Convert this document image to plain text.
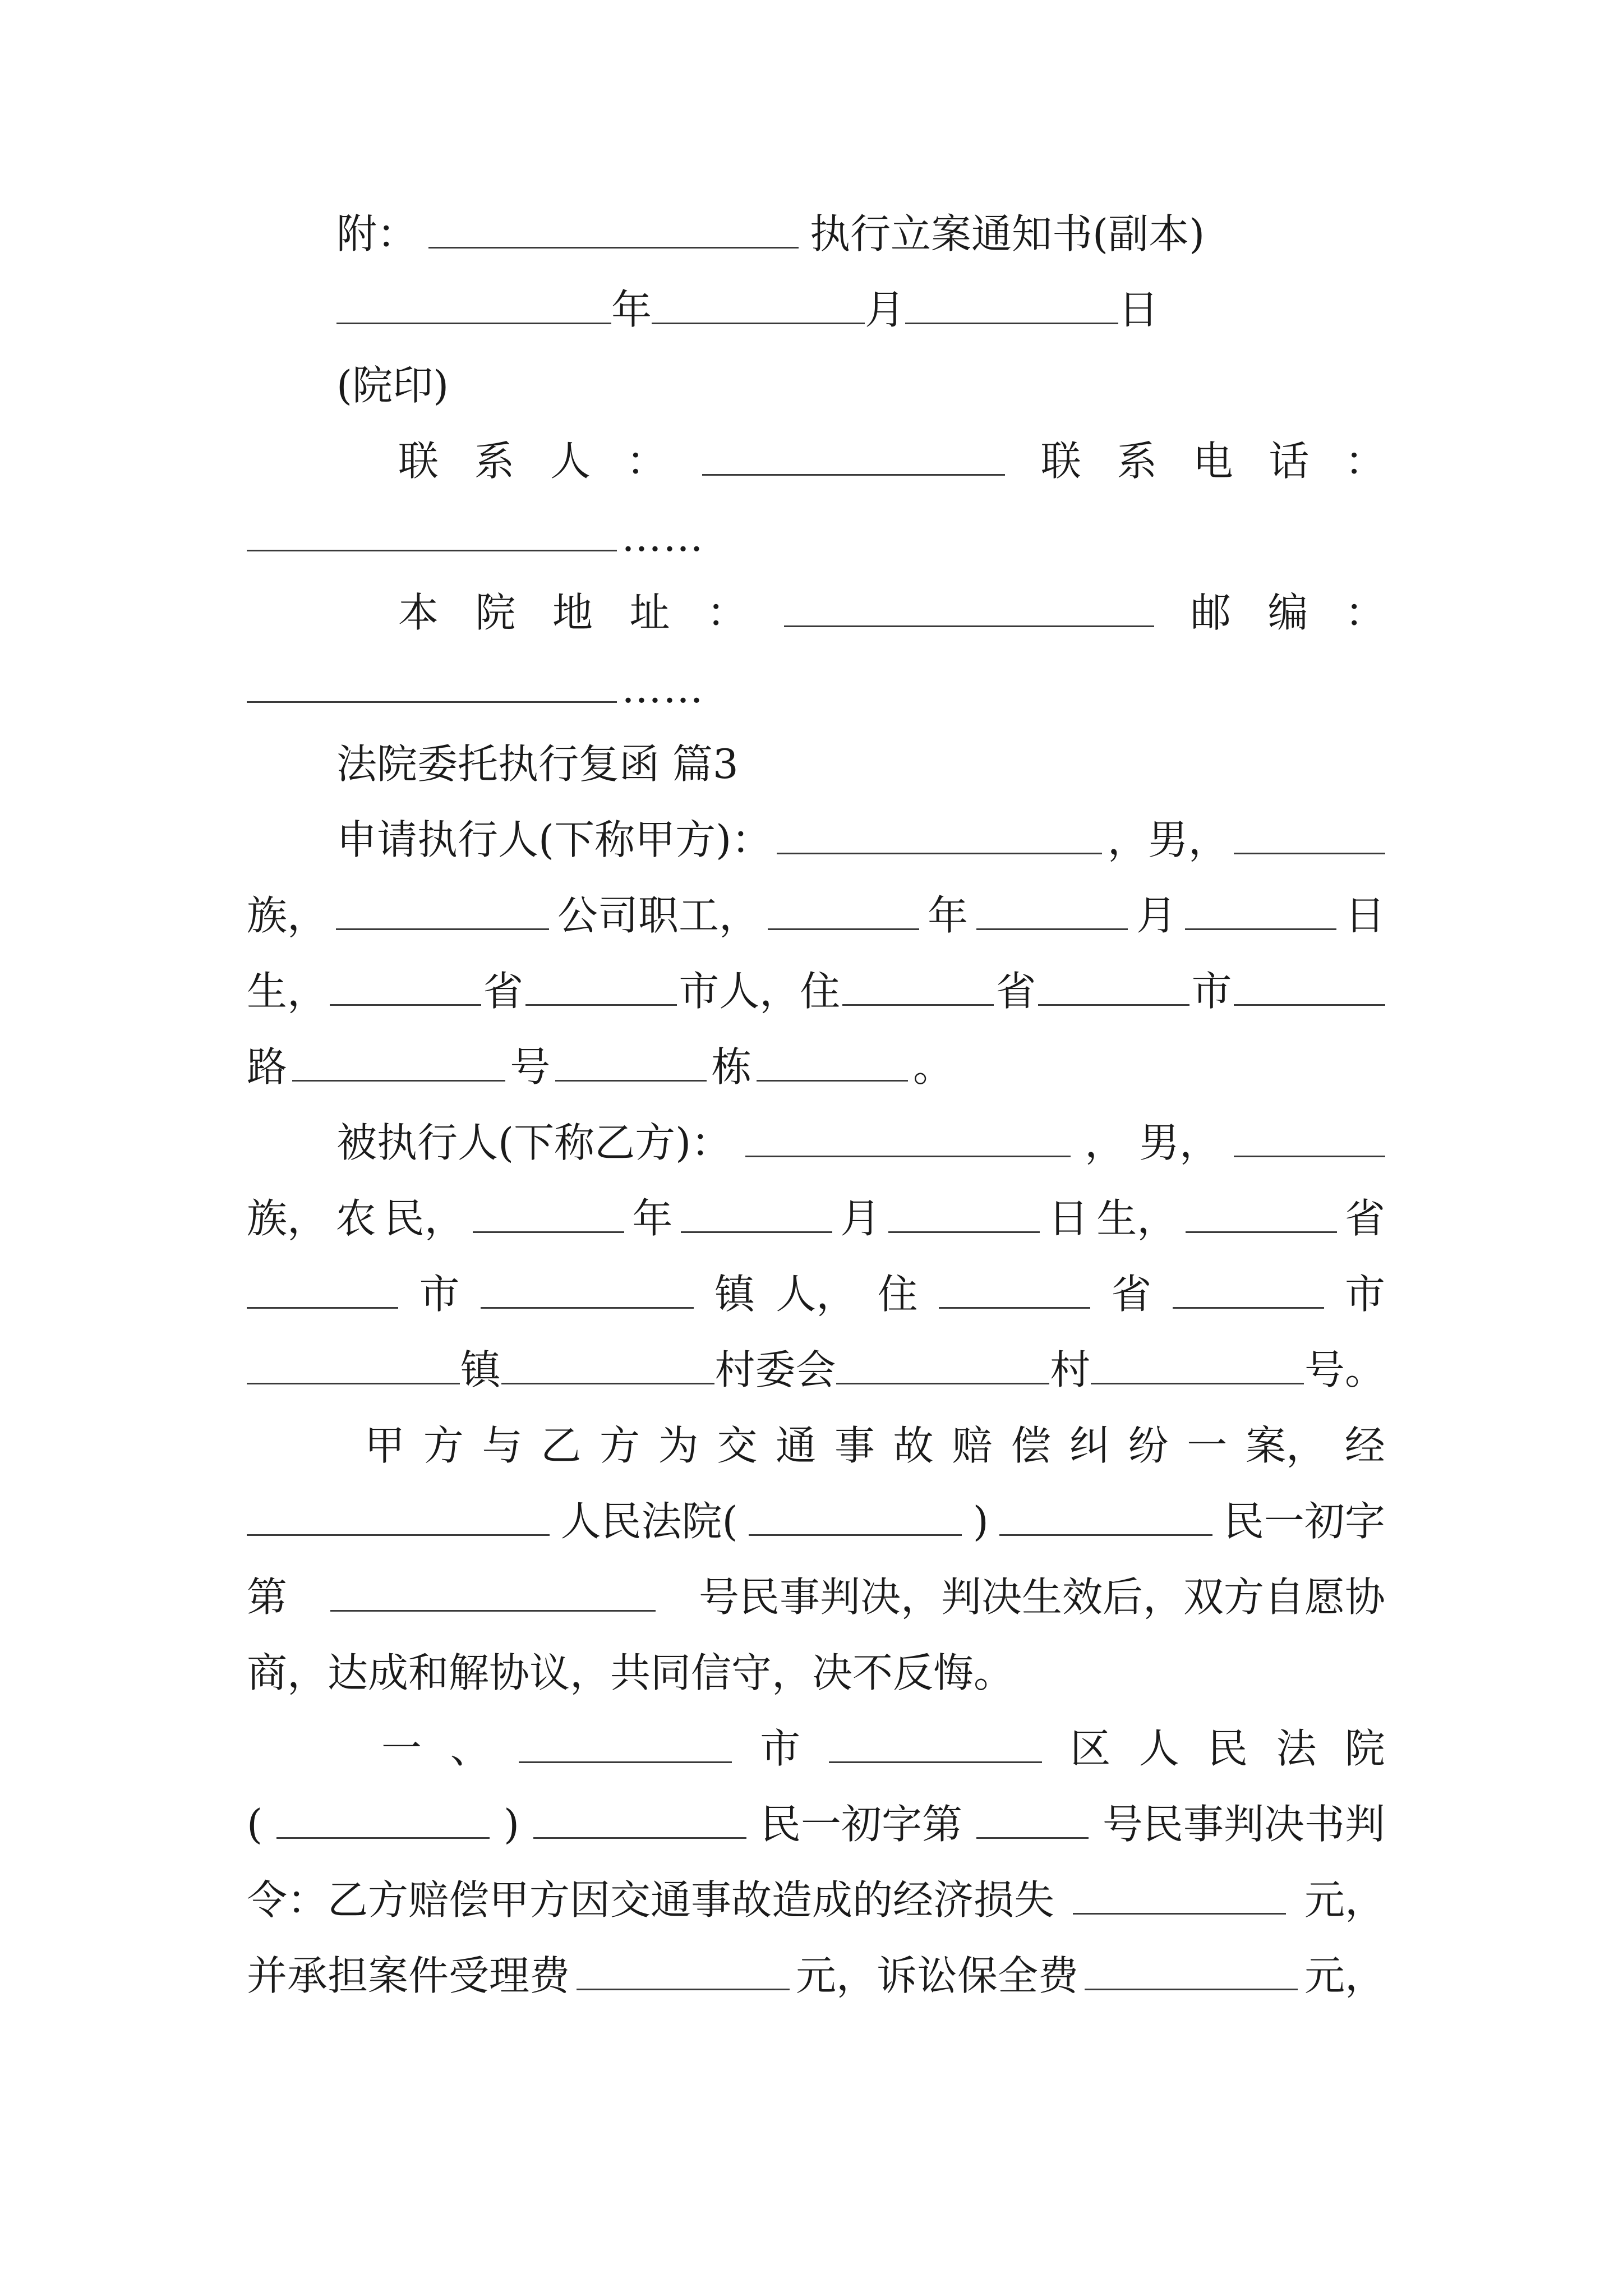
附：	执行立案通知书(副本)
年	月	日
(院印)
联 系 人 ：	联 系 电 话 ：
……
本 院 地 址 ：	邮 编 ：
……
法院委托执行复函 篇3
申请执行人(下称甲方)：	，男，
族，	公司职工，	年	月	日
生，	省	市人，住	省	市
路	号	栋	。
被执行人(下称乙方)：	， 男，
族， 农 民，	年	月	日 生，	省
市	镇 人， 住	省	市
镇	村委会	村	号。
甲 方 与 乙 方 为 交 通 事 故 赔 偿 纠 纷 一 案， 经
人民法院(	)	民一初字
第	号民事判决，判决生效后，双方自愿协
商，达成和解协议，共同信守，决不反悔。
一 、	市	区 人 民 法 院
(	)	民一初字第	号民事判决书判
令：乙方赔偿甲方因交通事故造成的经济损失	元，
并承担案件受理费	元，诉讼保全费	元，
